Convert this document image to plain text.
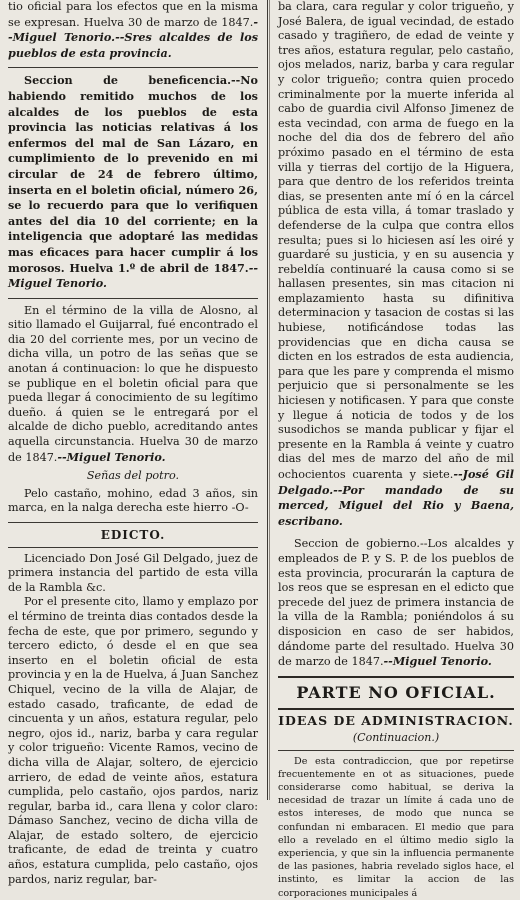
tio oficial para los efectos que en la misma se expresan. Huelva 30 de marzo de 1847.--Miguel Tenorio.--Sres alcaldes de los pueblos de esta provincia.

Seccion de beneficencia.--No habiendo remitido muchos de los alcaldes de los pueblos de esta provincia las noticias relativas á los enfermos del mal de San Lázaro, en cumplimiento de lo prevenido en mi circular de 24 de febrero último, inserta en el boletin oficial, número 26, se lo recuerdo para que lo verifiquen antes del dia 10 del corriente; en la inteligencia que adoptaré las medidas mas eficaces para hacer cumplir á los morosos. Huelva 1.º de abril de 1847.--Miguel Tenorio.

En el término de la villa de Alosno, al sitio llamado el Guijarral, fué encontrado el dia 20 del corriente mes, por un vecino de dicha villa, un potro de las señas que se anotan á continuacion: lo que he dispuesto se publique en el boletin oficial para que pueda llegar á conocimiento de su legítimo dueño. á quien se le entregará por el alcalde de dicho pueblo, acreditando antes aquella circunstancia. Huelva 30 de marzo de 1847.--Miguel Tenorio.

Señas del potro.

Pelo castaño, mohino, edad 3 años, sin marca, en la nalga derecha este hierro -O-

EDICTO.

Licenciado Don José Gil Delgado, juez de primera instancia del partido de esta villa de la Rambla &c.

Por el presente cito, llamo y emplazo por el término de treinta dias contados desde la fecha de este, que por primero, segundo y tercero edicto, ó desde el en que sea inserto en el boletin oficial de esta provincia y en la de Huelva, á Juan Sanchez Chiquel, vecino de la villa de Alajar, de estado casado, traficante, de edad de cincuenta y un años, estatura regular, pelo negro, ojos id., nariz, barba y cara regular y color trigueño: Vicente Ramos, vecino de dicha villa de Alajar, soltero, de ejercicio arriero, de edad de veinte años, estatura cumplida, pelo castaño, ojos pardos, nariz regular, barba id., cara llena y color claro: Dámaso Sanchez, vecino de dicha villa de Alajar, de estado soltero, de ejercicio traficante, de edad de treinta y cuatro años, estatura cumplida, pelo castaño, ojos pardos, nariz regular, bar-

ba clara, cara regular y color trigueño, y José Balera, de igual vecindad, de estado casado y tragiñero, de edad de veinte y tres años, estatura regular, pelo castaño, ojos melados, nariz, barba y cara regular y color trigueño; contra quien procedo criminalmente por la muerte inferida al cabo de guardia civil Alfonso Jimenez de esta vecindad, con arma de fuego en la noche del dia dos de febrero del año próximo pasado en el término de esta villa y tierras del cortijo de la Higuera, para que dentro de los referidos treinta dias, se presenten ante mí ó en la cárcel pública de esta villa, á tomar traslado y defenderse de la culpa que contra ellos resulta; pues si lo hiciesen así les oiré y guardaré su justicia, y en su ausencia y rebeldía continuaré la causa como si se hallasen presentes, sin mas citacion ni emplazamiento hasta su difinitiva determinacion y tasacion de costas si las hubiese, notificándose todas las providencias que en dicha causa se dicten en los estrados de esta audiencia, para que les pare y comprenda el mismo perjuicio que si personalmente se les hiciesen y notificasen. Y para que conste y llegue á noticia de todos y de los susodichos se manda publicar y fijar el presente en la Rambla á veinte y cuatro dias del mes de marzo del año de mil ochocientos cuarenta y siete.--José Gil Delgado.--Por mandado de su merced, Miguel del Rio y Baena, escribano.

Seccion de gobierno.--Los alcaldes y empleados de P. y S. P. de los pueblos de esta provincia, procurarán la captura de los reos que se espresan en el edicto que precede del juez de primera instancia de la villa de la Rambla; poniéndolos á su disposicion en caso de ser habidos, dándome parte del resultado. Huelva 30 de marzo de 1847.--Miguel Tenorio.

PARTE NO OFICIAL.
IDEAS DE ADMINISTRACION.
(Continuacion.)

De esta contradiccion, que por repetirse frecuentemente en ot as situaciones, puede considerarse como habitual, se deriva la necesidad de trazar un límite á cada uno de estos intereses, de modo que nunca se confundan ni embaracen. El medio que para ello a revelado en el último medio siglo la experiencia, y que sin la influencia permanente de las pasiones, habria revelado siglos hace, el instinto, es limitar la accion de las corporaciones municipales á
